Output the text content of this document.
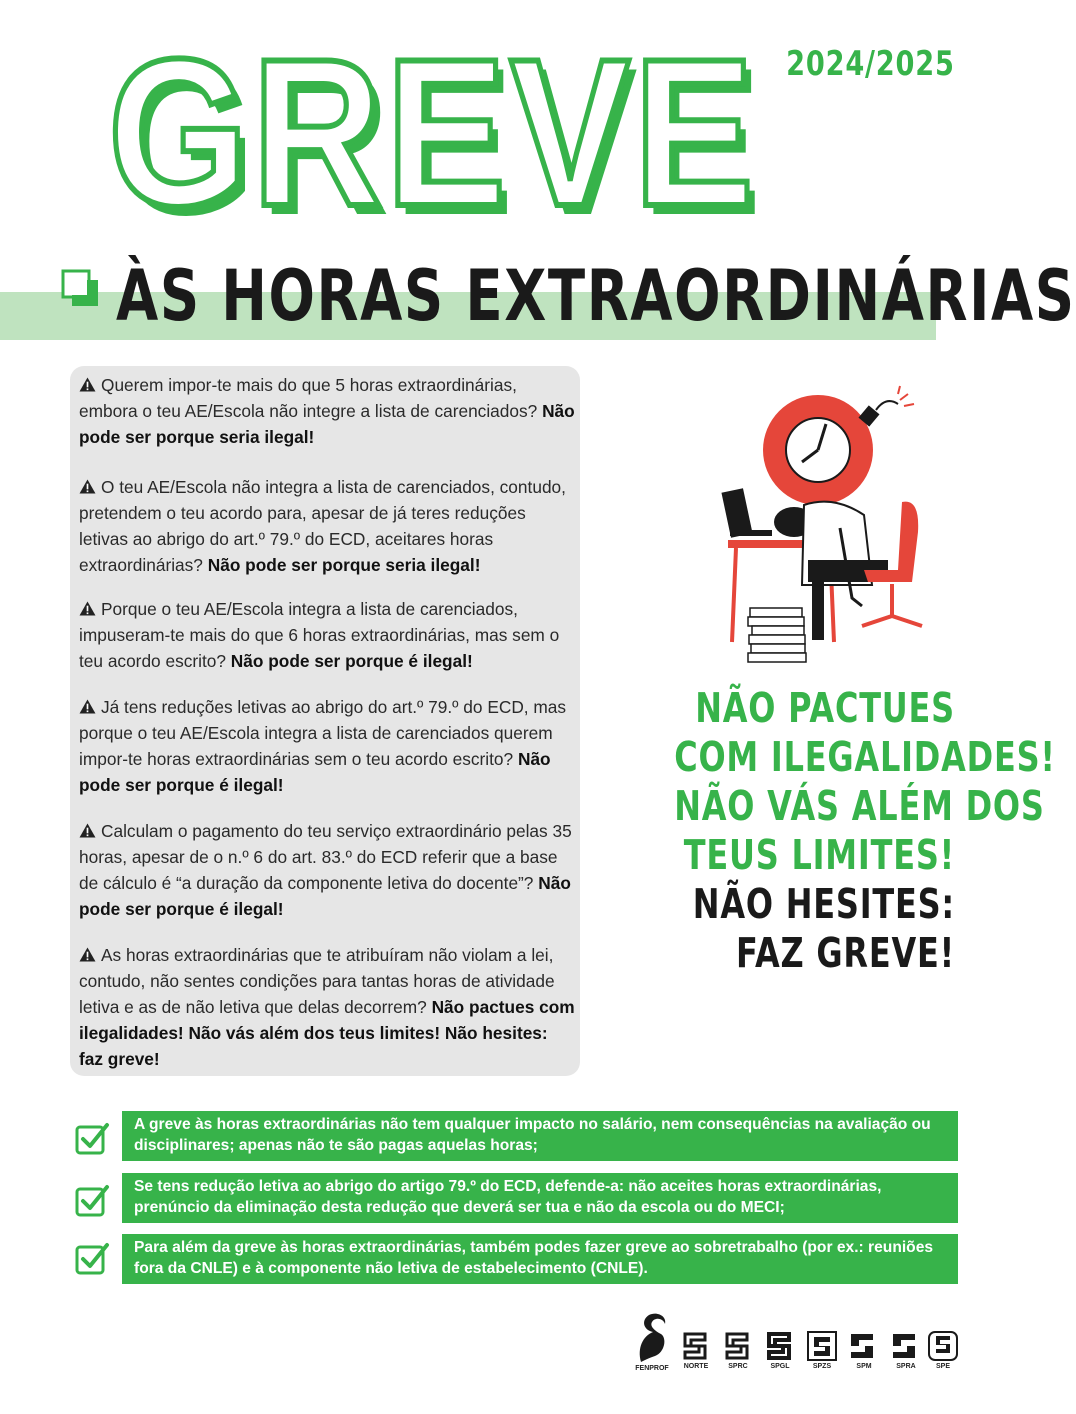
GREVE 2024/2025
ÀS HORAS EXTRAORDINÁRIAS
Querem impor-te mais do que 5 horas extraordinárias, embora o teu AE/Escola não integre a lista de carenciados? Não pode ser porque seria ilegal!
O teu AE/Escola não integra a lista de carenciados, contudo, pretendem o teu acordo para, apesar de já teres reduções letivas ao abrigo do art.º 79.º do ECD, aceitares horas extraordinárias? Não pode ser porque seria ilegal!
Porque o teu AE/Escola integra a lista de carenciados, impuseram-te mais do que 6 horas extraordinárias, mas sem o teu acordo escrito? Não pode ser porque é ilegal!
Já tens reduções letivas ao abrigo do art.º 79.º do ECD, mas porque o teu AE/Escola integra a lista de carenciados querem impor-te horas extraordinárias sem o teu acordo escrito? Não pode ser porque é ilegal!
Calculam o pagamento do teu serviço extraordinário pelas 35 horas, apesar de o n.º 6 do art. 83.º do ECD referir que a base de cálculo é “a duração da componente letiva do docente”? Não pode ser porque é ilegal!
As horas extraordinárias que te atribuíram não violam a lei, contudo, não sentes condições para tantas horas de atividade letiva e as de não letiva que delas decorrem? Não pactues com ilegalidades! Não vás além dos teus limites! Não hesites: faz greve!
NÃO PACTUES
COM ILEGALIDADES!
NÃO VÁS ALÉM DOS
TEUS LIMITES!
NÃO HESITES:
FAZ GREVE!
A greve às horas extraordinárias não tem qualquer impacto no salário, nem consequências na avaliação ou disciplinares; apenas não te são pagas aquelas horas;
Se tens redução letiva ao abrigo do artigo 79.º do ECD, defende-a: não aceites horas extraordinárias, prenúncio da eliminação desta redução que deverá ser tua e não da escola ou do MECI;
Para além da greve às horas extraordinárias, também podes fazer greve ao sobretrabalho (por ex.: reuniões fora da CNLE) e à componente não letiva de estabelecimento (CNLE).
FENPROF	NORTE	SPRC	SPGL	SPZS	SPM	SPRA	SPE
